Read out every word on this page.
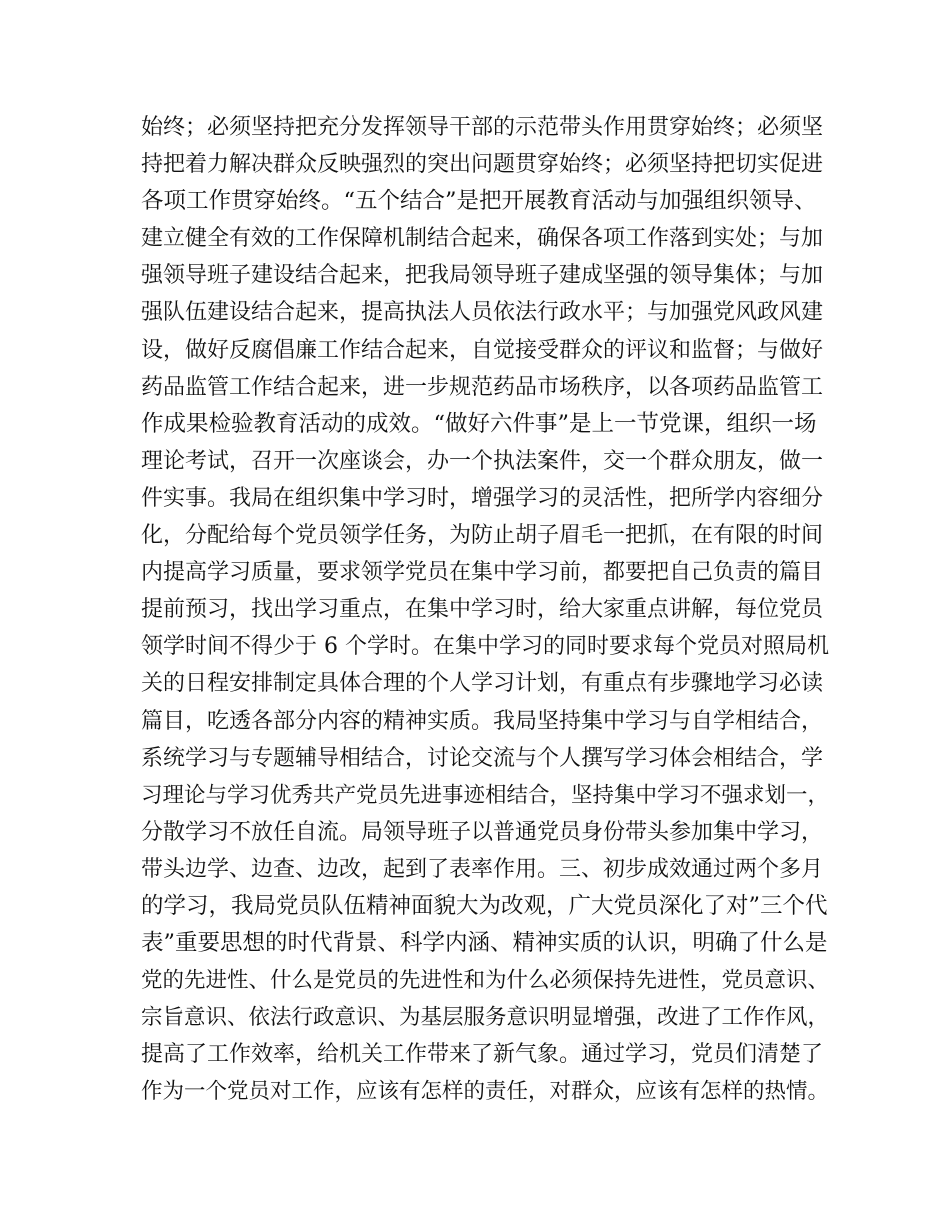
始终；必须坚持把充分发挥领导干部的示范带头作用贯穿始终；必须坚
持把着力解决群众反映强烈的突出问题贯穿始终；必须坚持把切实促进
各项工作贯穿始终。“五个结合”是把开展教育活动与加强组织领导、
建立健全有效的工作保障机制结合起来，确保各项工作落到实处；与加
强领导班子建设结合起来，把我局领导班子建成坚强的领导集体；与加
强队伍建设结合起来，提高执法人员依法行政水平；与加强党风政风建
设，做好反腐倡廉工作结合起来，自觉接受群众的评议和监督；与做好
药品监管工作结合起来，进一步规范药品市场秩序，以各项药品监管工
作成果检验教育活动的成效。“做好六件事”是上一节党课，组织一场
理论考试，召开一次座谈会，办一个执法案件，交一个群众朋友，做一
件实事。我局在组织集中学习时，增强学习的灵活性，把所学内容细分
化，分配给每个党员领学任务，为防止胡子眉毛一把抓，在有限的时间
内提高学习质量，要求领学党员在集中学习前，都要把自己负责的篇目
提前预习，找出学习重点，在集中学习时，给大家重点讲解，每位党员
领学时间不得少于 6 个学时。在集中学习的同时要求每个党员对照局机
关的日程安排制定具体合理的个人学习计划，有重点有步骤地学习必读
篇目，吃透各部分内容的精神实质。我局坚持集中学习与自学相结合，
系统学习与专题辅导相结合，讨论交流与个人撰写学习体会相结合，学
习理论与学习优秀共产党员先进事迹相结合，坚持集中学习不强求划一，
分散学习不放任自流。局领导班子以普通党员身份带头参加集中学习，
带头边学、边查、边改，起到了表率作用。三、初步成效通过两个多月
的学习，我局党员队伍精神面貌大为改观，广大党员深化了对”三个代
表”重要思想的时代背景、科学内涵、精神实质的认识，明确了什么是
党的先进性、什么是党员的先进性和为什么必须保持先进性，党员意识、
宗旨意识、依法行政意识、为基层服务意识明显增强，改进了工作作风，
提高了工作效率，给机关工作带来了新气象。通过学习，党员们清楚了
作为一个党员对工作，应该有怎样的责任，对群众，应该有怎样的热情。
